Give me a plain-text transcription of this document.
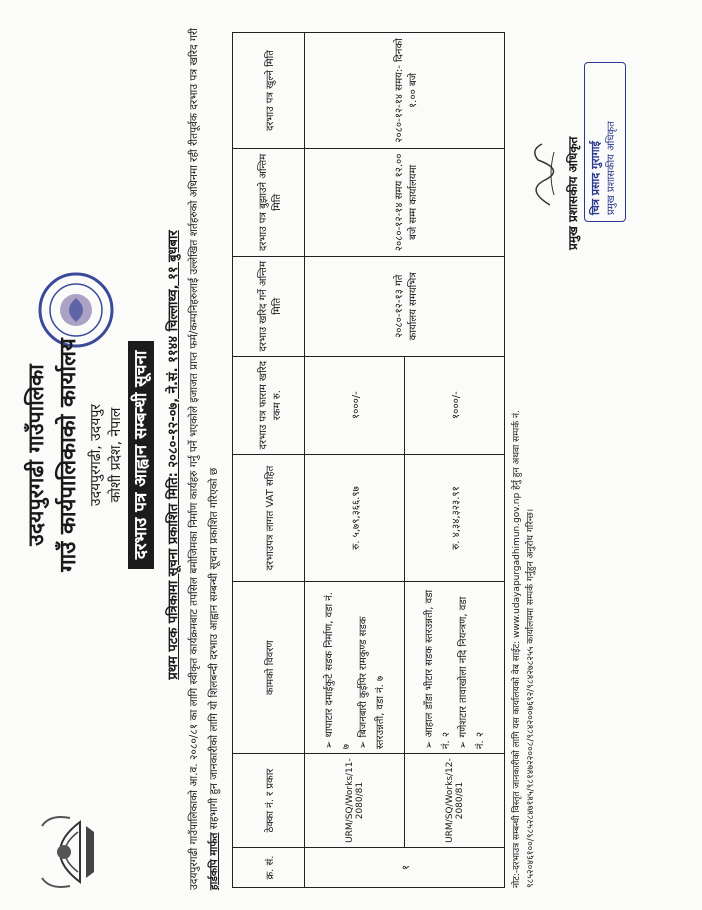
उदयपुरगढी गाउँपालिका गाउँ कार्यपालिकाको कार्यालय उदयपुरगढी, उदयपुर कोशी प्रदेश, नेपाल दरभाउ पत्र आह्वान सम्बन्धी सूचना प्रथम पटक पत्रिकामा सूचना प्रकाशित मिति: २०८०-१२-०७, ने.सं. ११४४ चिल्लाथ्व, ११ बुधबार उदयपुरगढी गाउँपालिकाको आ.व. २०८०/८१ का लागि स्वीकृत कार्यक्रमबाट तपसिल बमोजिमका निर्माण कार्यहरु गर्नु पर्ने भएकोले इजाजत प्राप्त फर्म/कम्पनिहरुलाई उल्लेखित शर्तहरुको अधिनमा रही रीतपूर्वक दरभाउ पत्र खरिद गरी हार्डकपि मार्फत सहभागी हुन जानकारीको लागि यो शिलबन्दी दरभाउ आह्वान सम्बन्धी सूचना प्रकाशित गरिएको छ
क्र. सं.	ठेक्का नं. र प्रकार	कामको विवरण	दरभाउपत्र लागत VAT सहित	दरभाउ पत्र फाराम खरिद रकम रु.	दरभाउ खरिद गर्ने अन्तिम मिति	दरभाउ पत्र बुझाउने अन्तिम मिति	दरभाउ पत्र खुल्ने मिति
१	URM/SQ/Works/11-2080/81	➢ थापाटार दमाईकुटे सडक निर्माण, वडा नं. ७ ➢ बिजनबारी कुईपिर रामकुण्ड सडक स्तरउन्नती, वडा नं. ७	रु. ५,७९,३६६.९७	१०००/-	२०८०-१२-१३ गते कार्यालय समयभित्र	२०८०-१२-१४ समय १२.०० बजे सम्म कार्यालयमा	२०८०-१२-१४ समय:- दिनको १.०० बजे
	URM/SQ/Works/12-2080/81	➢ आहाल डाँडा भीटार सडक स्तरउन्नती, वडा नं. २ ➢ गणेशटार तावाखोला नदि नियन्त्रण, वडा नं. २	रु. ४,३४,३२३.९१	१०००/-			
नोट:-दरभाउत्र सम्बन्धी विस्तृत जानकारीको लागि यस कार्यालयको वेब साईट: www.udayapurgadhimun.gov.np हेर्नु हुन अथवा सम्पर्क नं. ९८५२०४६१००/९८५२८४७१४५/९८१४७२२००८/९८४२००७६९२/९८४२७८२५५ कार्यालयमा सम्पर्क गर्नुहुन अनुरोध गरिन्छ।
प्रमुख प्रशासकीय अधिकृत चित्र प्रसाद गुरागाई प्रमुख प्रशासकीय अधिकृत
